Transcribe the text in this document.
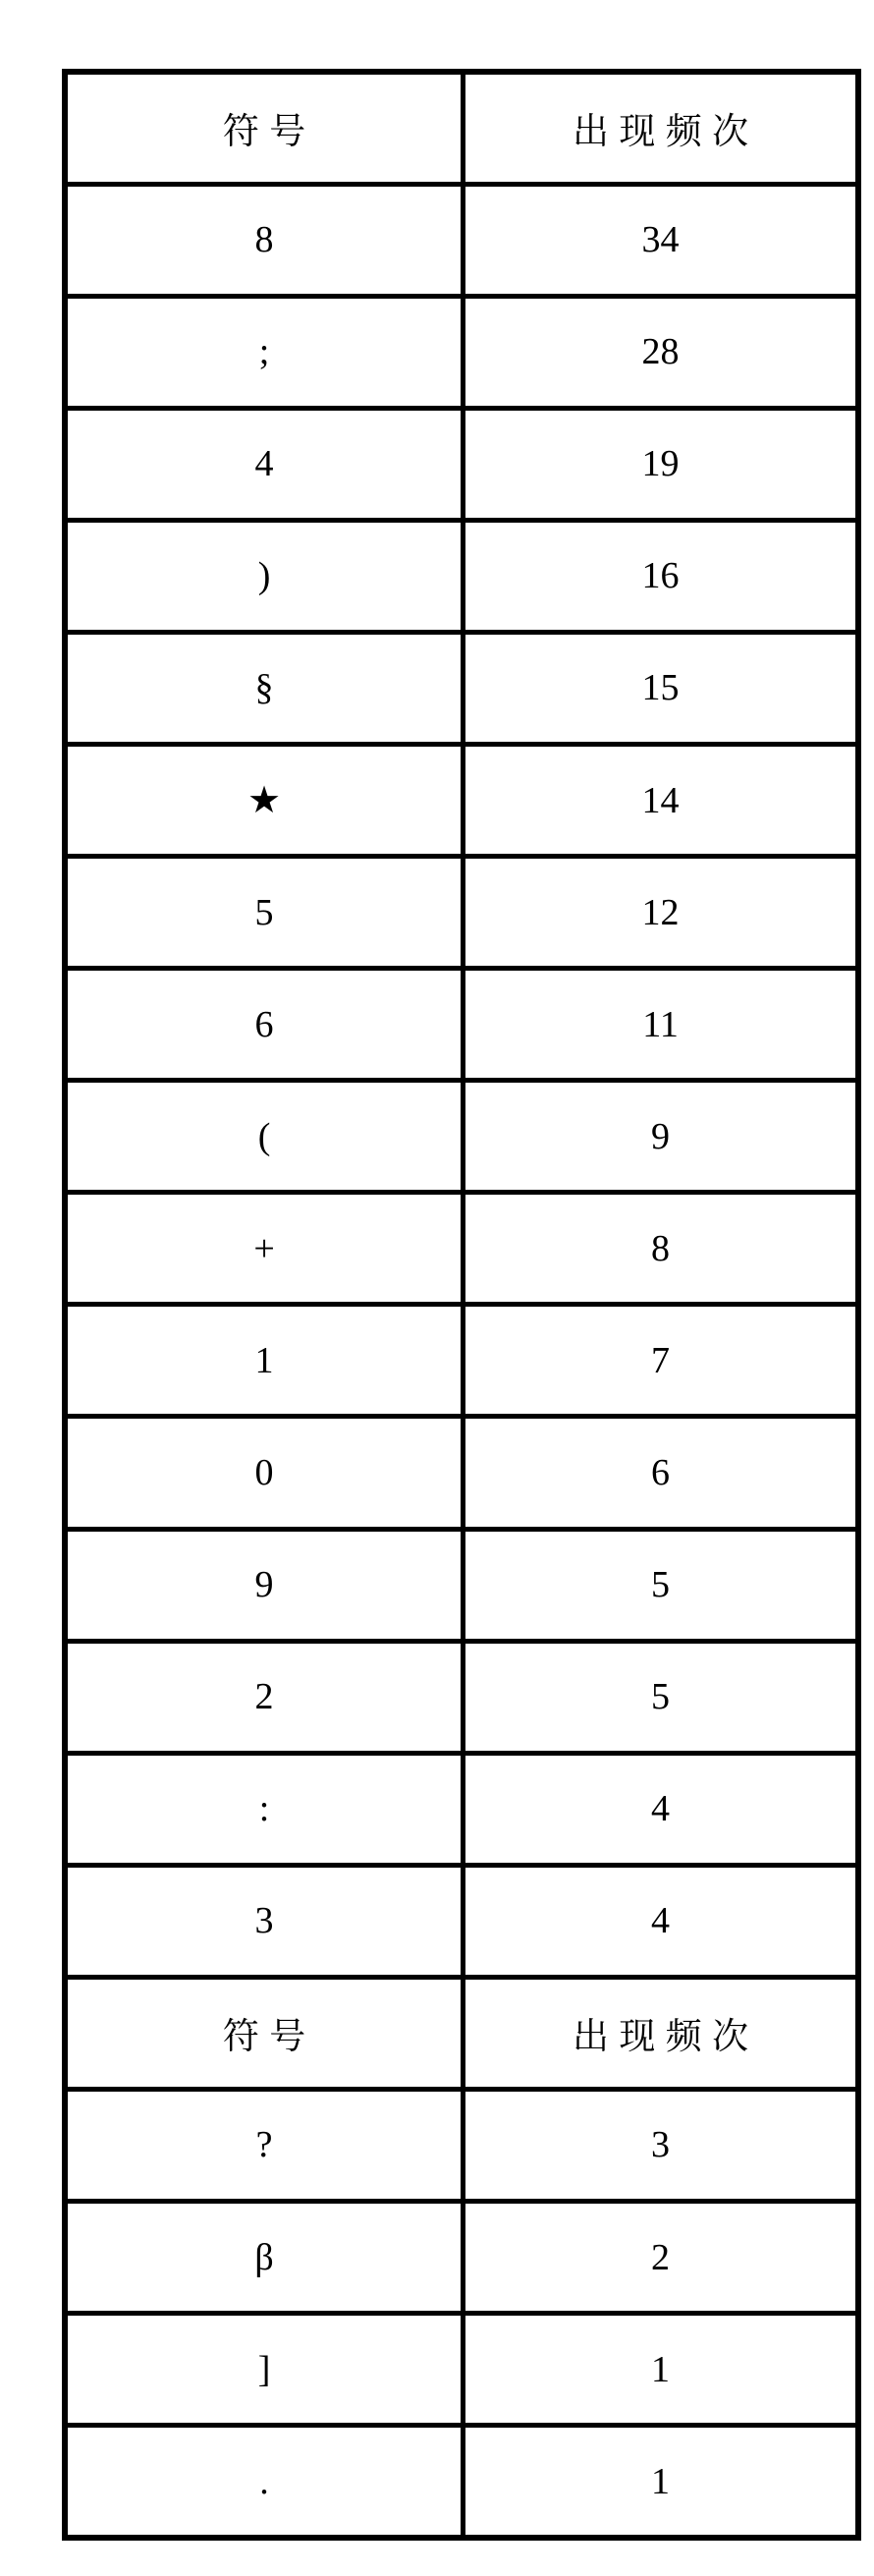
符号	出现频次
8	34
;	28
4	19
)	16
§	15
★	14
5	12
6	11
(	9
+	8
1	7
0	6
9	5
2	5
:	4
3	4
符号	出现频次
?	3
β	2
]	1
.	1
